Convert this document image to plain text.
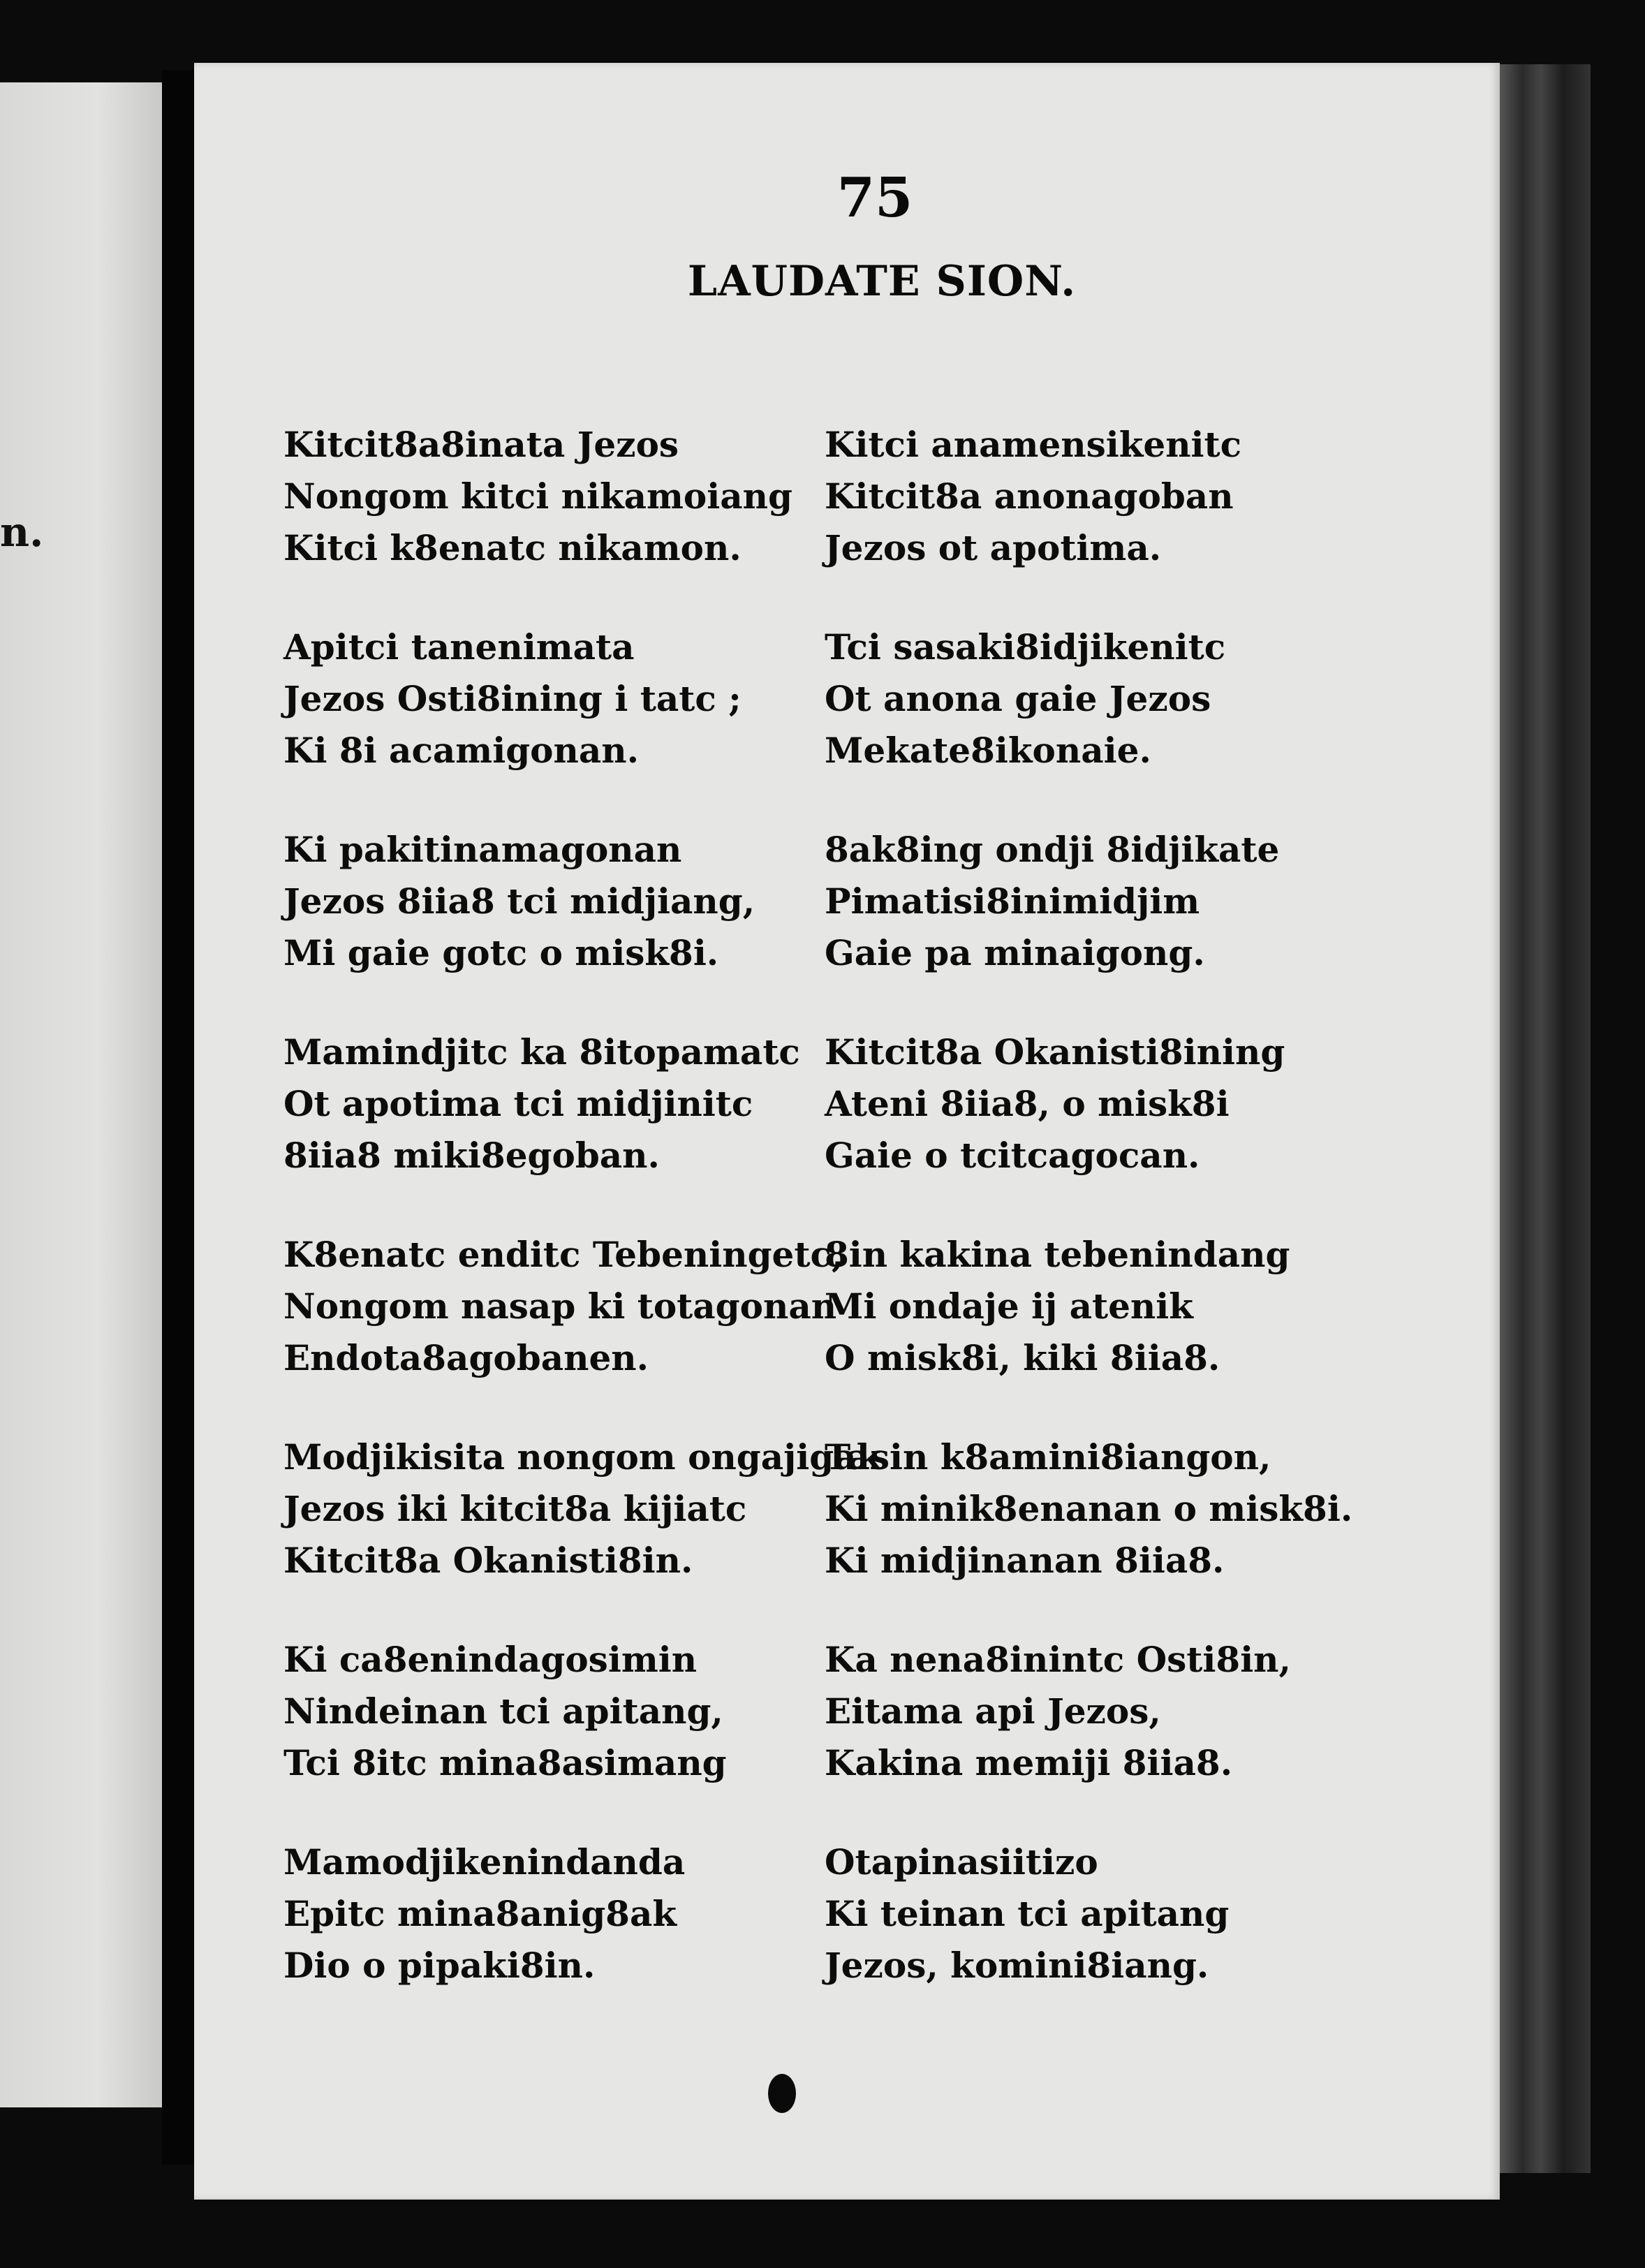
n.
75
LAUDATE SION.
Kitcit8a8inata Jezos
Nongom kitci nikamoiang
Kitci k8enatc nikamon.
Kitci anamensikenitc
Kitcit8a anonagoban
Jezos ot apotima.
Apitci tanenimata
Jezos Osti8ining i tatc ;
Ki 8i acamigonan.
Tci sasaki8idjikenitc
Ot anona gaie Jezos
Mekate8ikonaie.
Ki pakitinamagonan
Jezos 8iia8 tci midjiang,
Mi gaie gotc o misk8i.
8ak8ing ondji 8idjikate
Pimatisi8inimidjim
Gaie pa minaigong.
Mamindjitc ka 8itopamatc
Ot apotima tci midjinitc
8iia8 miki8egoban.
Kitcit8a Okanisti8ining
Ateni 8iia8, o misk8i
Gaie o tcitcagocan.
K8enatc enditc Tebeningetc,
Nongom nasap ki totagonan
Endota8agobanen.
8in kakina tebenindang
Mi ondaje ij atenik
O misk8i, kiki 8iia8.
Modjikisita nongom ongajigak
Jezos iki kitcit8a kijiatc
Kitcit8a Okanisti8in.
Tasin k8amini8iangon,
Ki minik8enanan o misk8i.
Ki midjinanan 8iia8.
Ki ca8enindagosimin
Nindeinan tci apitang,
Tci 8itc mina8asimang
Ka nena8inintc Osti8in,
Eitama api Jezos,
Kakina memiji 8iia8.
Mamodjikenindanda
Epitc mina8anig8ak
Dio o pipaki8in.
Otapinasiitizo
Ki teinan tci apitang
Jezos, komini8iang.
